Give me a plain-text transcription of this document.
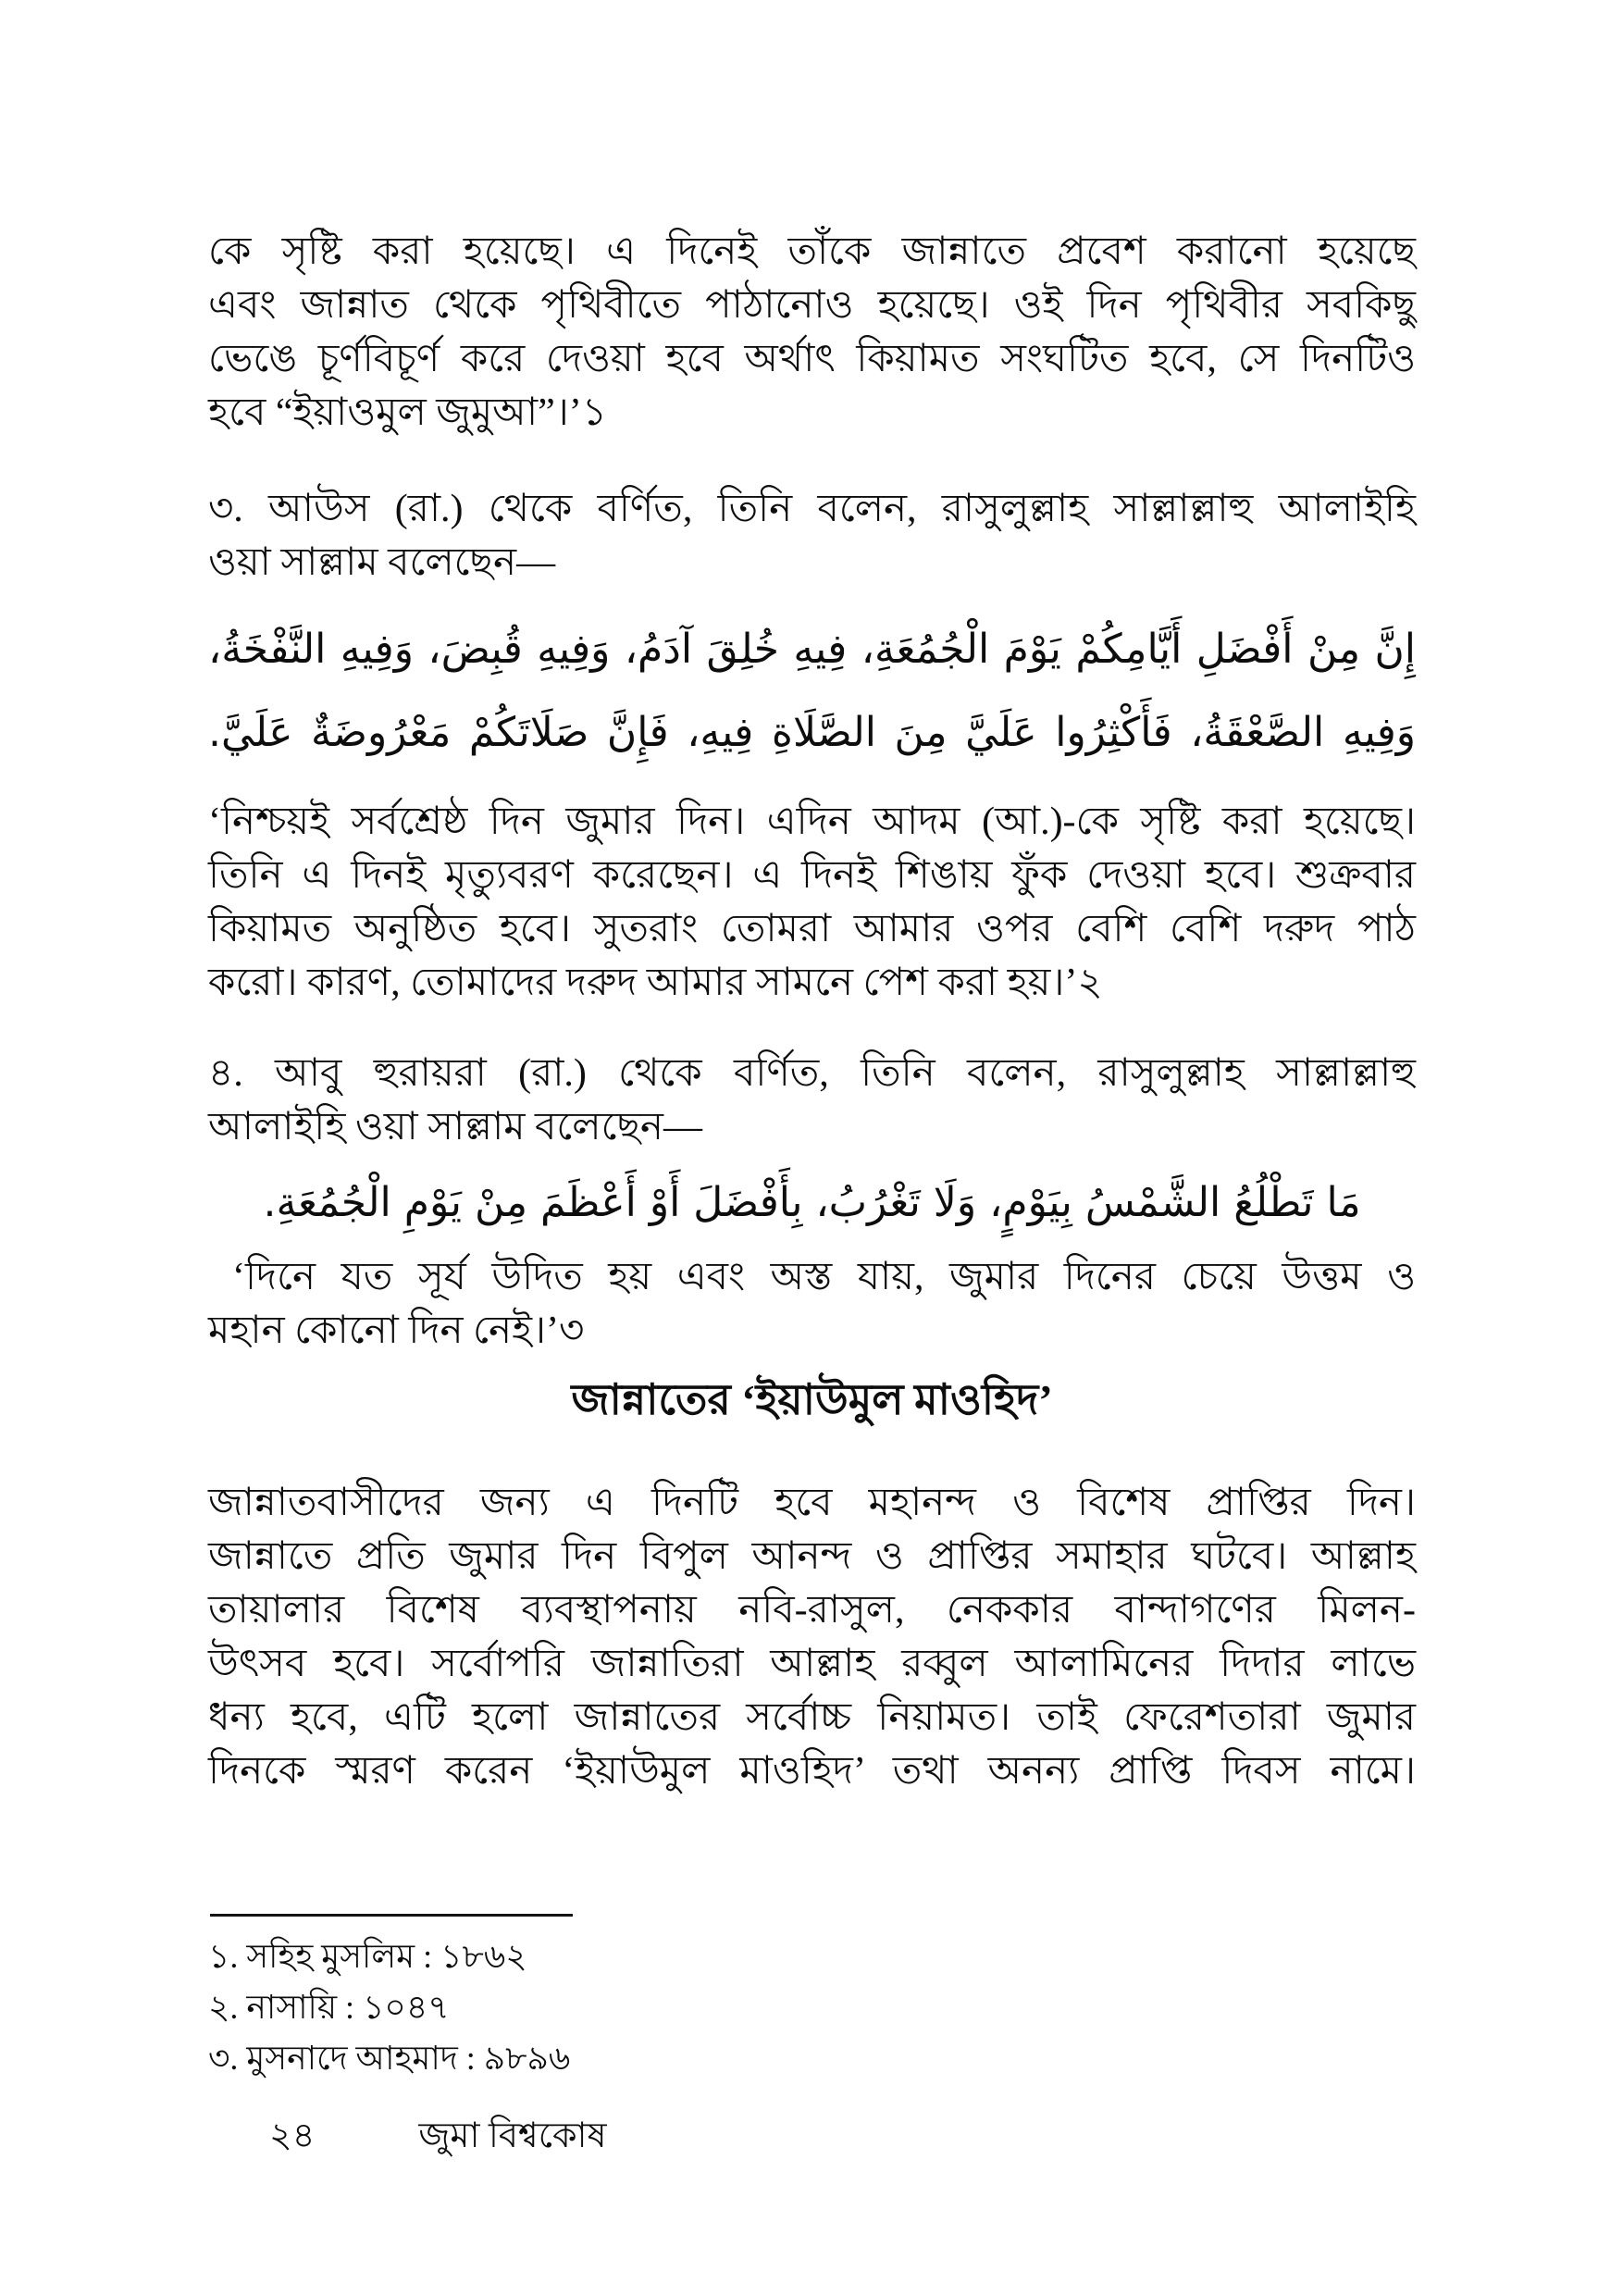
কে সৃষ্টি করা হয়েছে। এ দিনেই তাঁকে জান্নাতে প্রবেশ করানো হয়েছে
এবং জান্নাত থেকে পৃথিবীতে পাঠানোও হয়েছে। ওই দিন পৃথিবীর সবকিছু
ভেঙে চূর্ণবিচূর্ণ করে দেওয়া হবে অর্থাৎ কিয়ামত সংঘটিত হবে, সে দিনটিও
হবে “ইয়াওমুল জুমুআ”।’১
৩. আউস (রা.) থেকে বর্ণিত, তিনি বলেন, রাসুলুল্লাহ সাল্লাল্লাহু আলাইহি
ওয়া সাল্লাম বলেছেন—
إِنَّ مِنْ أَفْضَلِ أَيَّامِكُمْ يَوْمَ الْجُمُعَةِ، فِيهِ خُلِقَ آدَمُ، وَفِيهِ قُبِضَ، وَفِيهِ النَّفْخَةُ،
وَفِيهِ الصَّعْقَةُ، فَأَكْثِرُوا عَلَيَّ مِنَ الصَّلَاةِ فِيهِ، فَإِنَّ صَلَاتَكُمْ مَعْرُوضَةٌ عَلَيَّ.
‘নিশ্চয়ই সর্বশ্রেষ্ঠ দিন জুমার দিন। এদিন আদম (আ.)-কে সৃষ্টি করা হয়েছে।
তিনি এ দিনই মৃত্যুবরণ করেছেন। এ দিনই শিঙায় ফুঁক দেওয়া হবে। শুক্রবার
কিয়ামত অনুষ্ঠিত হবে। সুতরাং তোমরা আমার ওপর বেশি বেশি দরুদ পাঠ
করো। কারণ, তোমাদের দরুদ আমার সামনে পেশ করা হয়।’২
৪. আবু হুরায়রা (রা.) থেকে বর্ণিত, তিনি বলেন, রাসুলুল্লাহ সাল্লাল্লাহু
আলাইহি ওয়া সাল্লাম বলেছেন—
مَا تَطْلُعُ الشَّمْسُ بِيَوْمٍ، وَلَا تَغْرُبُ، بِأَفْضَلَ أَوْ أَعْظَمَ مِنْ يَوْمِ الْجُمُعَةِ.
‘দিনে যত সূর্য উদিত হয় এবং অস্ত যায়, জুমার দিনের চেয়ে উত্তম ও
মহান কোনো দিন নেই।’৩
জান্নাতের ‘ইয়াউমুল মাওহিদ’
জান্নাতবাসীদের জন্য এ দিনটি হবে মহানন্দ ও বিশেষ প্রাপ্তির দিন।
জান্নাতে প্রতি জুমার দিন বিপুল আনন্দ ও প্রাপ্তির সমাহার ঘটবে। আল্লাহ
তায়ালার বিশেষ ব্যবস্থাপনায় নবি-রাসুল, নেককার বান্দাগণের মিলন-
উৎসব হবে। সর্বোপরি জান্নাতিরা আল্লাহ রব্বুল আলামিনের দিদার লাভে
ধন্য হবে, এটি হলো জান্নাতের সর্বোচ্চ নিয়ামত। তাই ফেরেশতারা জুমার
দিনকে স্মরণ করেন ‘ইয়াউমুল মাওহিদ’ তথা অনন্য প্রাপ্তি দিবস নামে।
১. সহিহ মুসলিম : ১৮৬২
২. নাসায়ি : ১০৪৭
৩. মুসনাদে আহমাদ : ৯৮৯৬
২৪	জুমা বিশ্বকোষ
